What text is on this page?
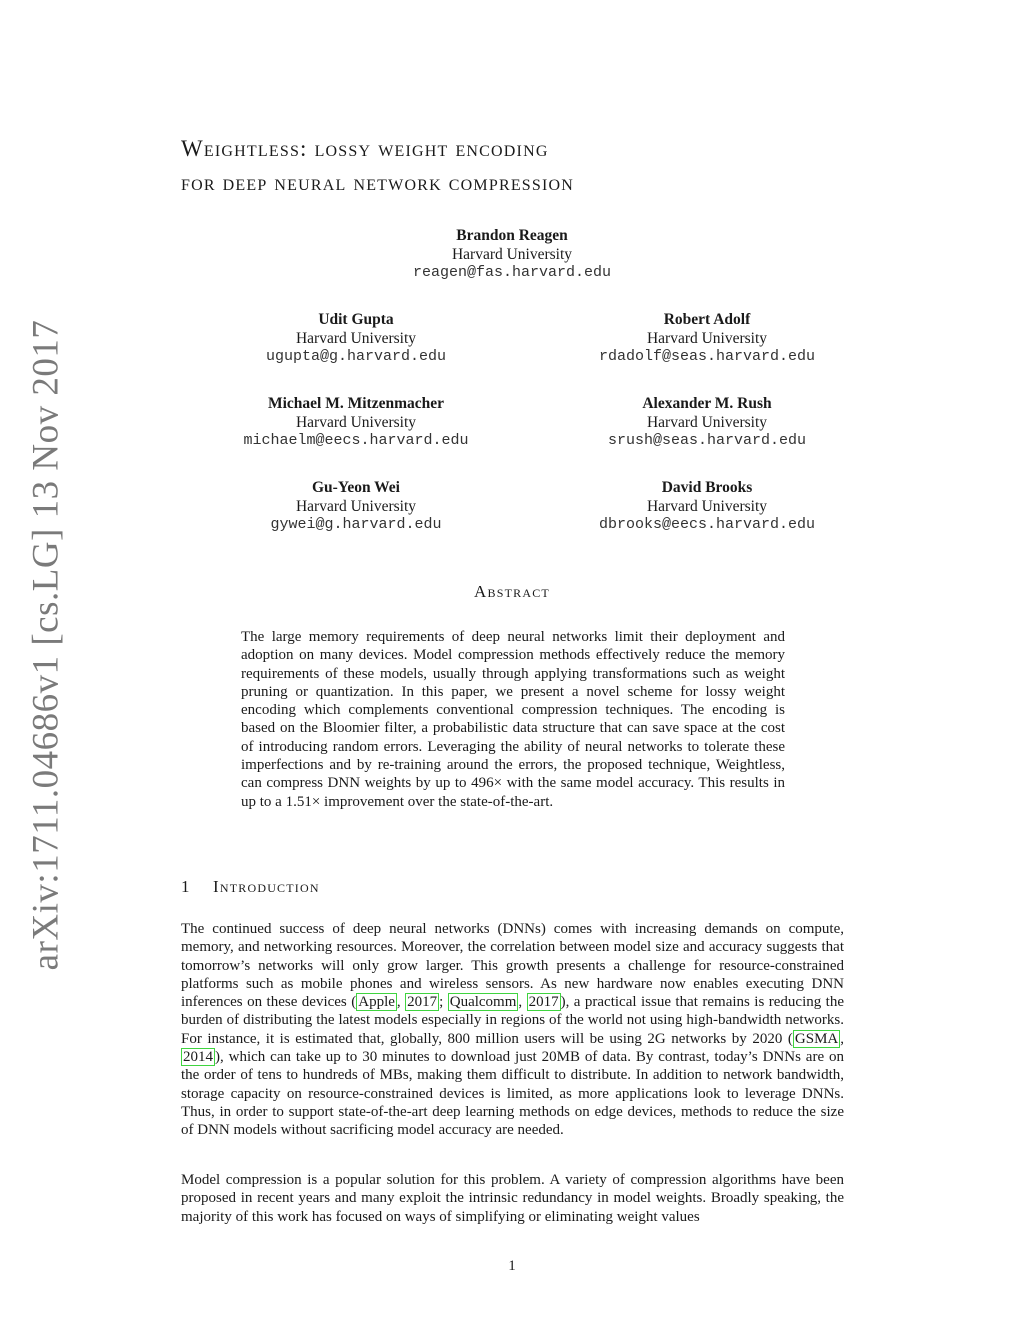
arXiv:1711.04686v1 [cs.LG] 13 Nov 2017
Weightless: lossy weight encoding
for deep neural network compression
Brandon Reagen
Harvard University
reagen@fas.harvard.edu
Udit Gupta
Harvard University
ugupta@g.harvard.edu
Robert Adolf
Harvard University
rdadolf@seas.harvard.edu
Michael M. Mitzenmacher
Harvard University
michaelm@eecs.harvard.edu
Alexander M. Rush
Harvard University
srush@seas.harvard.edu
Gu-Yeon Wei
Harvard University
gywei@g.harvard.edu
David Brooks
Harvard University
dbrooks@eecs.harvard.edu
Abstract
The large memory requirements of deep neural networks limit their deployment and adoption on many devices. Model compression methods effectively reduce the memory requirements of these models, usually through applying transformations such as weight pruning or quantization. In this paper, we present a novel scheme for lossy weight encoding which complements conventional compression techniques. The encoding is based on the Bloomier filter, a probabilistic data structure that can save space at the cost of introducing random errors. Leveraging the ability of neural networks to tolerate these imperfections and by re-training around the errors, the proposed technique, Weightless, can compress DNN weights by up to 496× with the same model accuracy. This results in up to a 1.51× improvement over the state-of-the-art.
1 Introduction

The continued success of deep neural networks (DNNs) comes with increasing demands on compute, memory, and networking resources. Moreover, the correlation between model size and accuracy suggests that tomorrow’s networks will only grow larger. This growth presents a challenge for resource-constrained platforms such as mobile phones and wireless sensors. As new hardware now enables executing DNN inferences on these devices ( Apple , 2017 ; Qualcomm , 2017 ), a practical issue that remains is reducing the burden of distributing the latest models especially in regions of the world not using high-bandwidth networks. For instance, it is estimated that, globally, 800 million users will be using 2G networks by 2020 ( GSMA , 2014 ), which can take up to 30 minutes to download just 20MB of data. By contrast, today’s DNNs are on the order of tens to hundreds of MBs, making them difficult to distribute. In addition to network bandwidth, storage capacity on resource-constrained devices is limited, as more applications look to leverage DNNs. Thus, in order to support state-of-the-art deep learning methods on edge devices, methods to reduce the size of DNN models without sacrificing model accuracy are needed.

Model compression is a popular solution for this problem. A variety of compression algorithms have been proposed in recent years and many exploit the intrinsic redundancy in model weights. Broadly speaking, the majority of this work has focused on ways of simplifying or eliminating weight values

1
